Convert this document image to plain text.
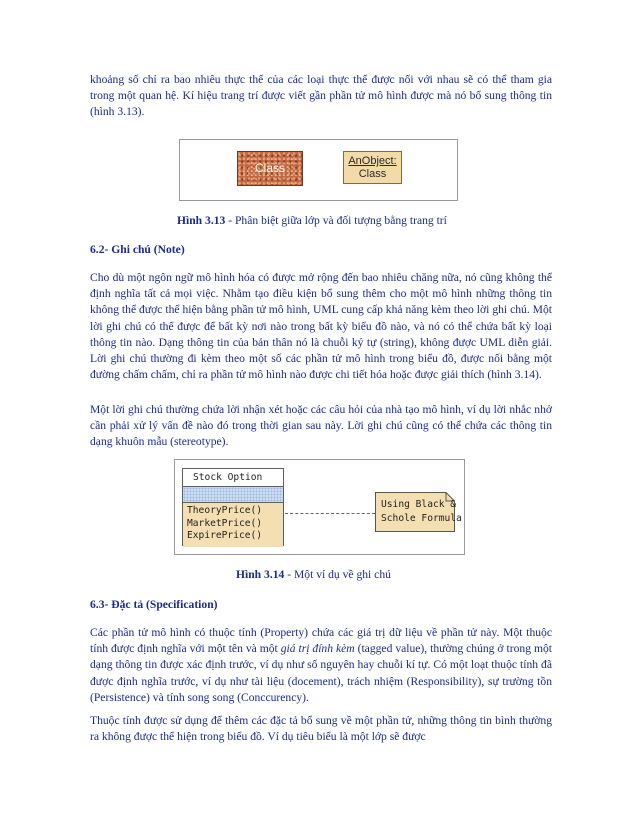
khoảng số chỉ ra bao nhiêu thực thể của các loại thực thể được nối với nhau sẽ có thể tham gia trong một quan hệ. Kí hiệu trang trí được viết gần phần tử mô hình được mà nó bổ sung thông tin (hình 3.13).

Class
AnObject:
Class

Hình 3.13 - Phân biệt giữa lớp và đối tượng bằng trang trí

6.2- Ghi chú (Note)

Cho dù một ngôn ngữ mô hình hóa có được mở rộng đến bao nhiêu chăng nữa, nó cũng không thể định nghĩa tất cả mọi việc. Nhằm tạo điều kiện bổ sung thêm cho một mô hình những thông tin không thể được thể hiện bằng phần tử mô hình, UML cung cấp khả năng kèm theo lời ghi chú. Một lời ghi chú có thể được để bất kỳ nơi nào trong bất kỳ biểu đồ nào, và nó có thể chứa bất kỳ loại thông tin nào. Dạng thông tin của bản thân nó là chuỗi ký tự (string), không được UML diễn giải. Lời ghi chú thường đi kèm theo một số các phần tử mô hình trong biểu đồ, được nối bằng một đường chấm chấm, chỉ ra phần tử mô hình nào được chi tiết hóa hoặc được giải thích (hình 3.14).

Một lời ghi chú thường chứa lời nhận xét hoặc các câu hỏi của nhà tạo mô hình, ví dụ lời nhắc nhở cần phải xử lý vấn đề nào đó trong thời gian sau này. Lời ghi chú cũng có thể chứa các thông tin dạng khuôn mẫu (stereotype).

Stock Option
TheoryPrice()
MarketPrice()
ExpirePrice()
Using Black &
Schole Formula

Hình 3.14 - Một ví dụ về ghi chú

6.3- Đặc tả (Specification)

Các phần tử mô hình có thuộc tính (Property) chứa các giá trị dữ liệu về phần tử này. Một thuộc tính được định nghĩa với một tên và một giá trị đính kèm (tagged value), thường chúng ở trong một dạng thông tin được xác định trước, ví dụ như số nguyên hay chuỗi kí tự. Có một loạt thuộc tính đã được định nghĩa trước, ví dụ như tài liệu (docement), trách nhiệm (Responsibility), sự trường tồn (Persistence) và tính song song (Conccurency).

Thuộc tính được sử dụng để thêm các đặc tả bổ sung về một phần tử, những thông tin bình thường ra không được thể hiện trong biểu đồ. Ví dụ tiêu biểu là một lớp sẽ được
